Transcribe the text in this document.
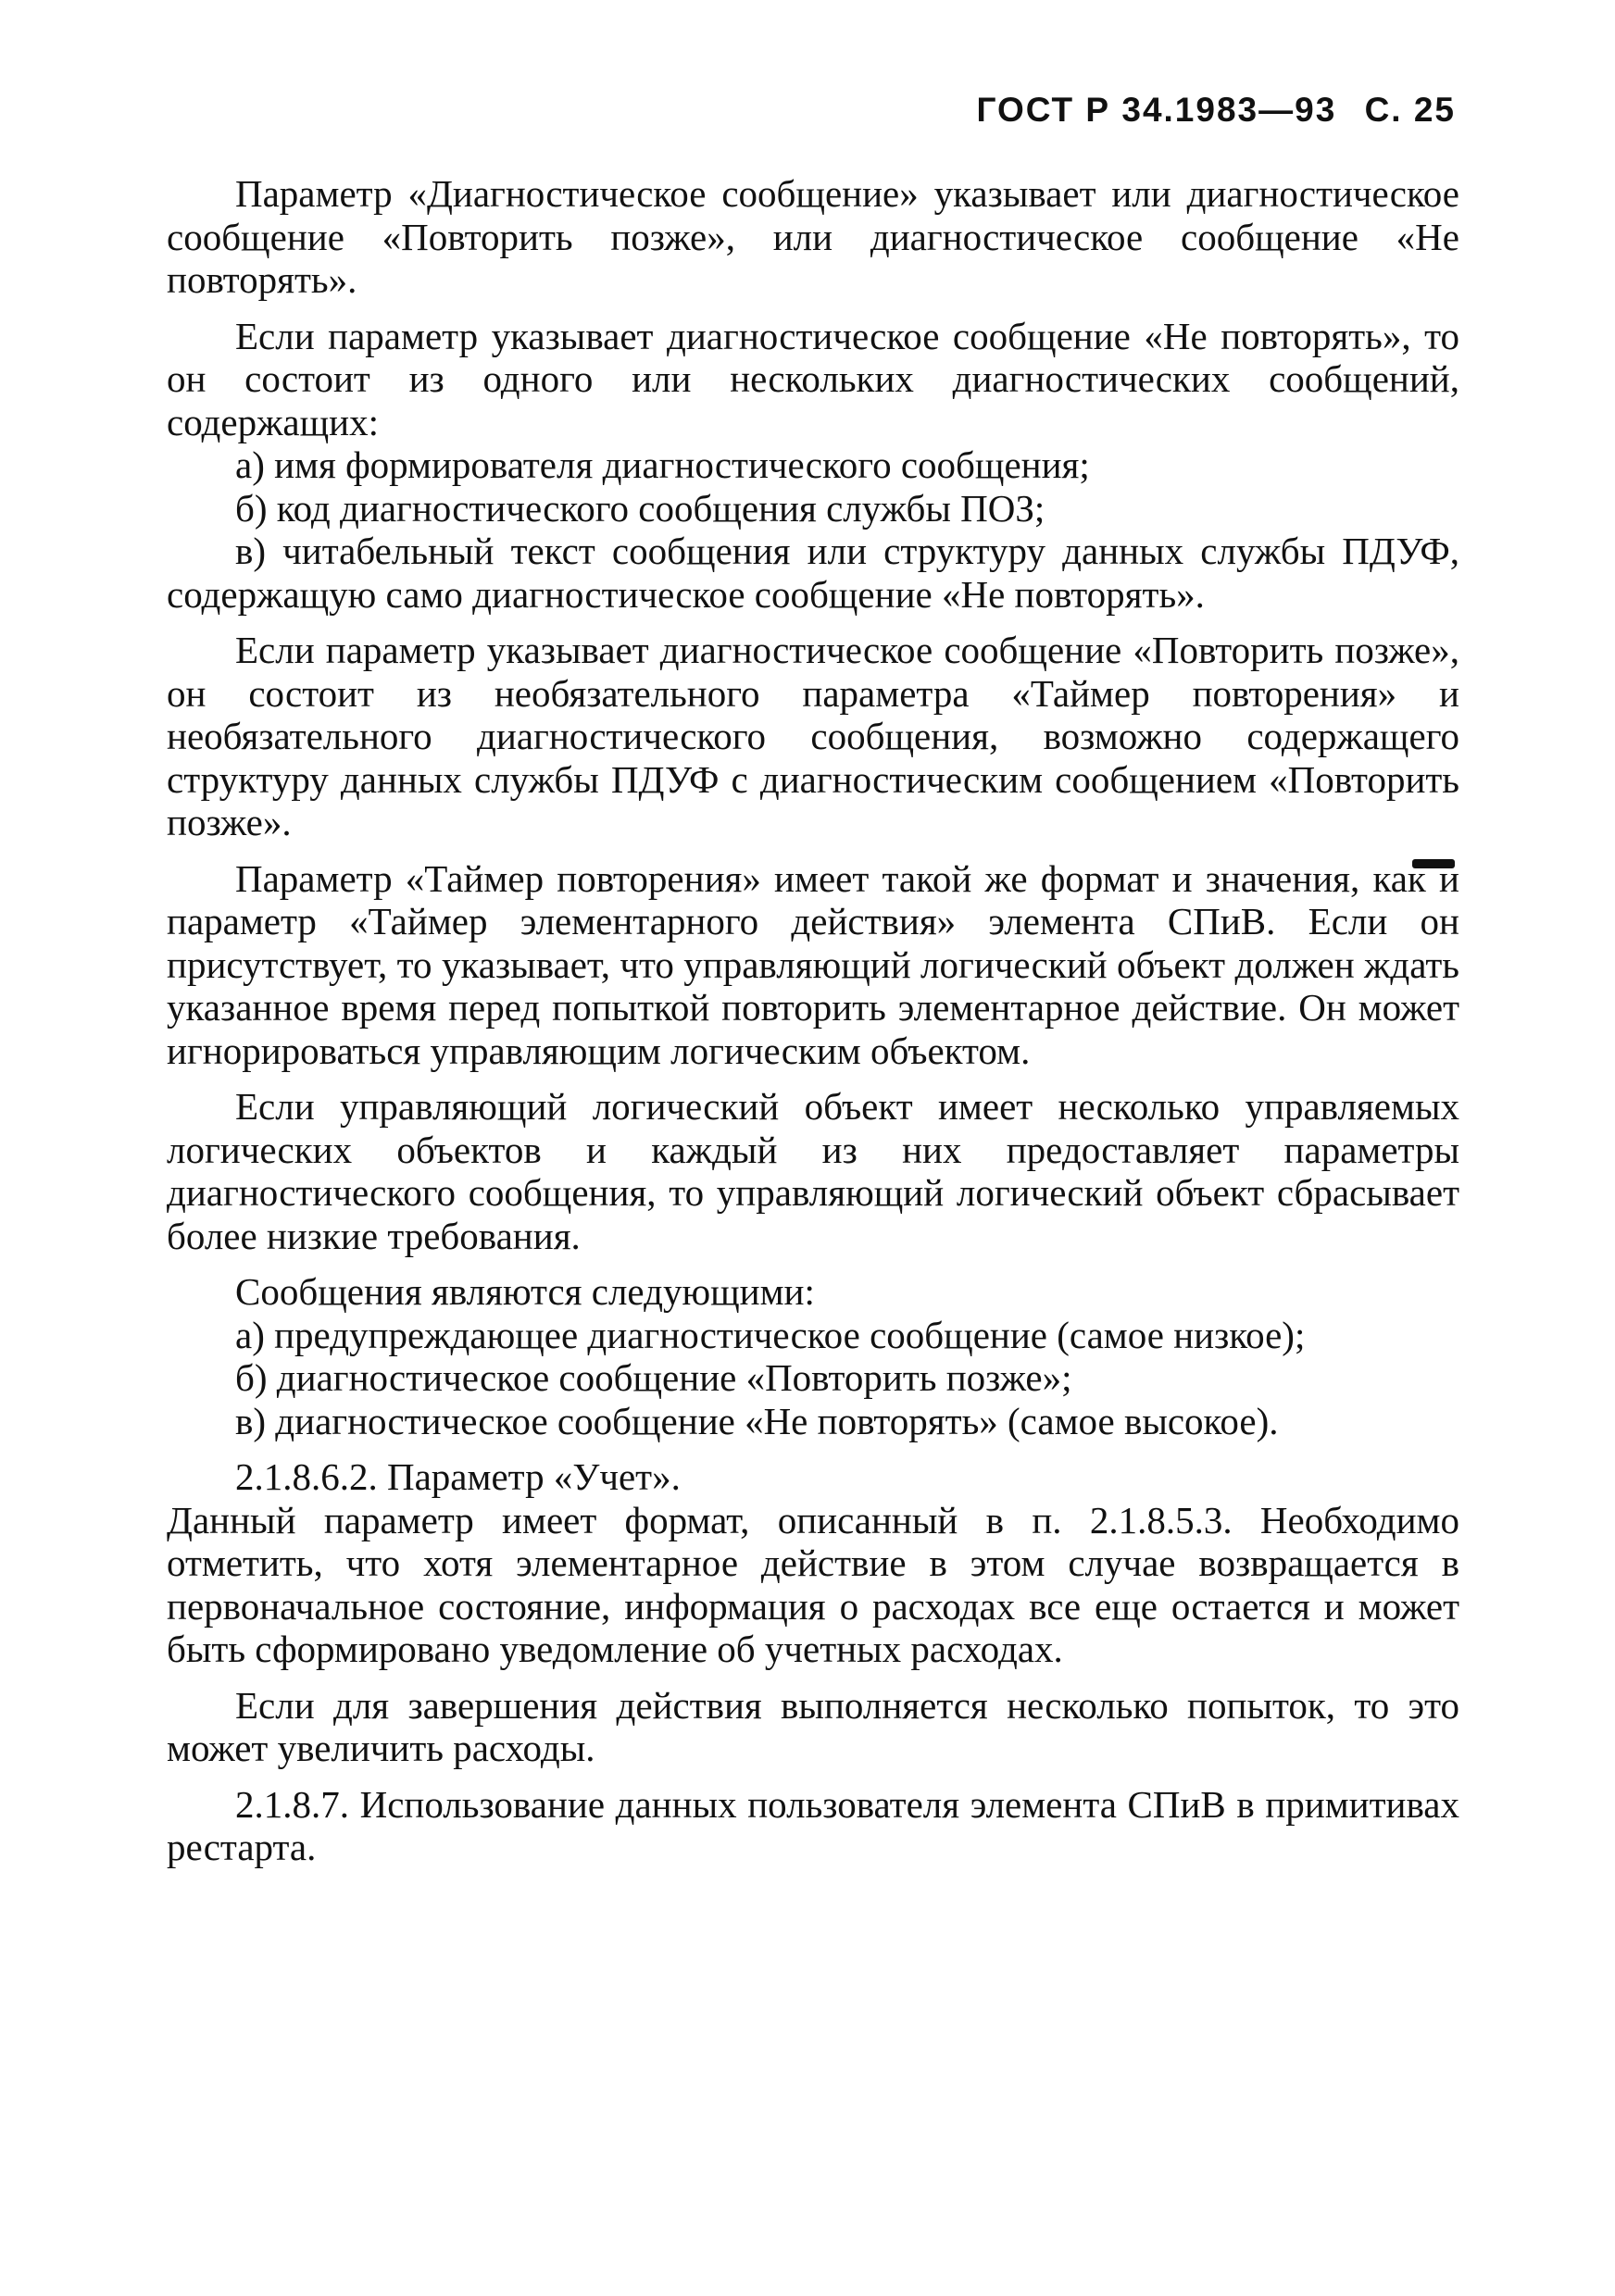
ГОСТ Р 34.1983—93 С. 25

Параметр «Диагностическое сообщение» указывает или диагностическое сообщение «Повторить позже», или диагностическое сообщение «Не повторять».

Если параметр указывает диагностическое сообщение «Не повторять», то он состоит из одного или нескольких диагностических сообщений, содержащих:

а) имя формирователя диагностического сообщения;

б) код диагностического сообщения службы ПОЗ;

в) читабельный текст сообщения или структуру данных службы ПДУФ, содержащую само диагностическое сообщение «Не повторять».

Если параметр указывает диагностическое сообщение «Повторить позже», он состоит из необязательного параметра «Таймер повторения» и необязательного диагностического сообщения, возможно содержащего структуру данных службы ПДУФ с диагностическим сообщением «Повторить позже».

Параметр «Таймер повторения» имеет такой же формат и значения, как и параметр «Таймер элементарного действия» элемента СПиВ. Если он присутствует, то указывает, что управляющий логический объект должен ждать указанное время перед попыткой повторить элементарное действие. Он может игнорироваться управляющим логическим объектом.

Если управляющий логический объект имеет несколько управляемых логических объектов и каждый из них предоставляет параметры диагностического сообщения, то управляющий логический объект сбрасывает более низкие требования.

Сообщения являются следующими:

а) предупреждающее диагностическое сообщение (самое низкое);

б) диагностическое сообщение «Повторить позже»;

в) диагностическое сообщение «Не повторять» (самое высокое).

2.1.8.6.2. Параметр «Учет».

Данный параметр имеет формат, описанный в п. 2.1.8.5.3. Необходимо отметить, что хотя элементарное действие в этом случае возвращается в первоначальное состояние, информация о расходах все еще остается и может быть сформировано уведомление об учетных расходах.

Если для завершения действия выполняется несколько попыток, то это может увеличить расходы.

2.1.8.7. Использование данных пользователя элемента СПиВ в примитивах рестарта.
